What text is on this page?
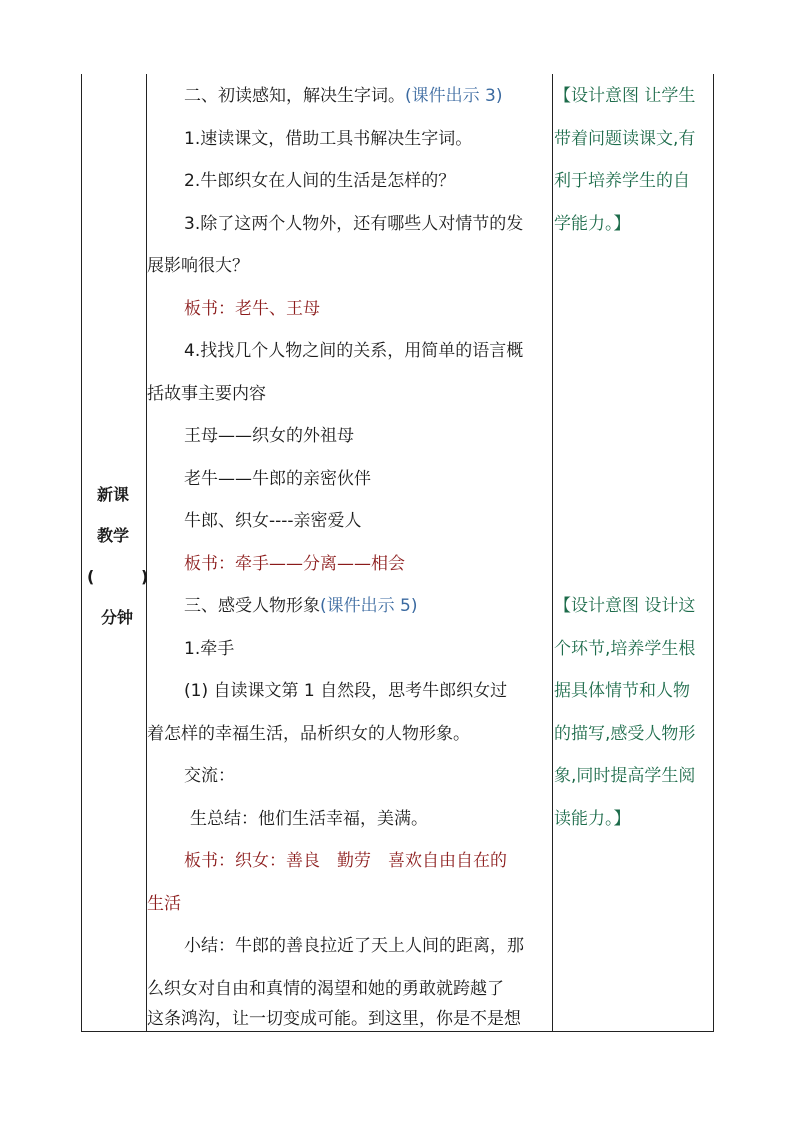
新课
教学
(	)
分钟
二、初读感知，解决生字词。(课件出示 3)
1.速读课文，借助工具书解决生字词。
2.牛郎织女在人间的生活是怎样的？
3.除了这两个人物外，还有哪些人对情节的发
展影响很大？
板书：老牛、王母
4.找找几个人物之间的关系，用简单的语言概
括故事主要内容
王母——织女的外祖母
老牛——牛郎的亲密伙伴
牛郎、织女----亲密爱人
板书：牵手——分离——相会
三、感受人物形象(课件出示 5)
1.牵手
(1) 自读课文第 1 自然段，思考牛郎织女过
着怎样的幸福生活，品析织女的人物形象。
交流：
生总结：他们生活幸福，美满。
板书：织女：善良　勤劳　喜欢自由自在的
生活
小结：牛郎的善良拉近了天上人间的距离，那
么织女对自由和真情的渴望和她的勇敢就跨越了
这条鸿沟，让一切变成可能。到这里，你是不是想
【设计意图 让学生
带着问题读课文,有
利于培养学生的自
学能力。】
【设计意图 设计这
个环节,培养学生根
据具体情节和人物
的描写,感受人物形
象,同时提高学生阅
读能力。】
